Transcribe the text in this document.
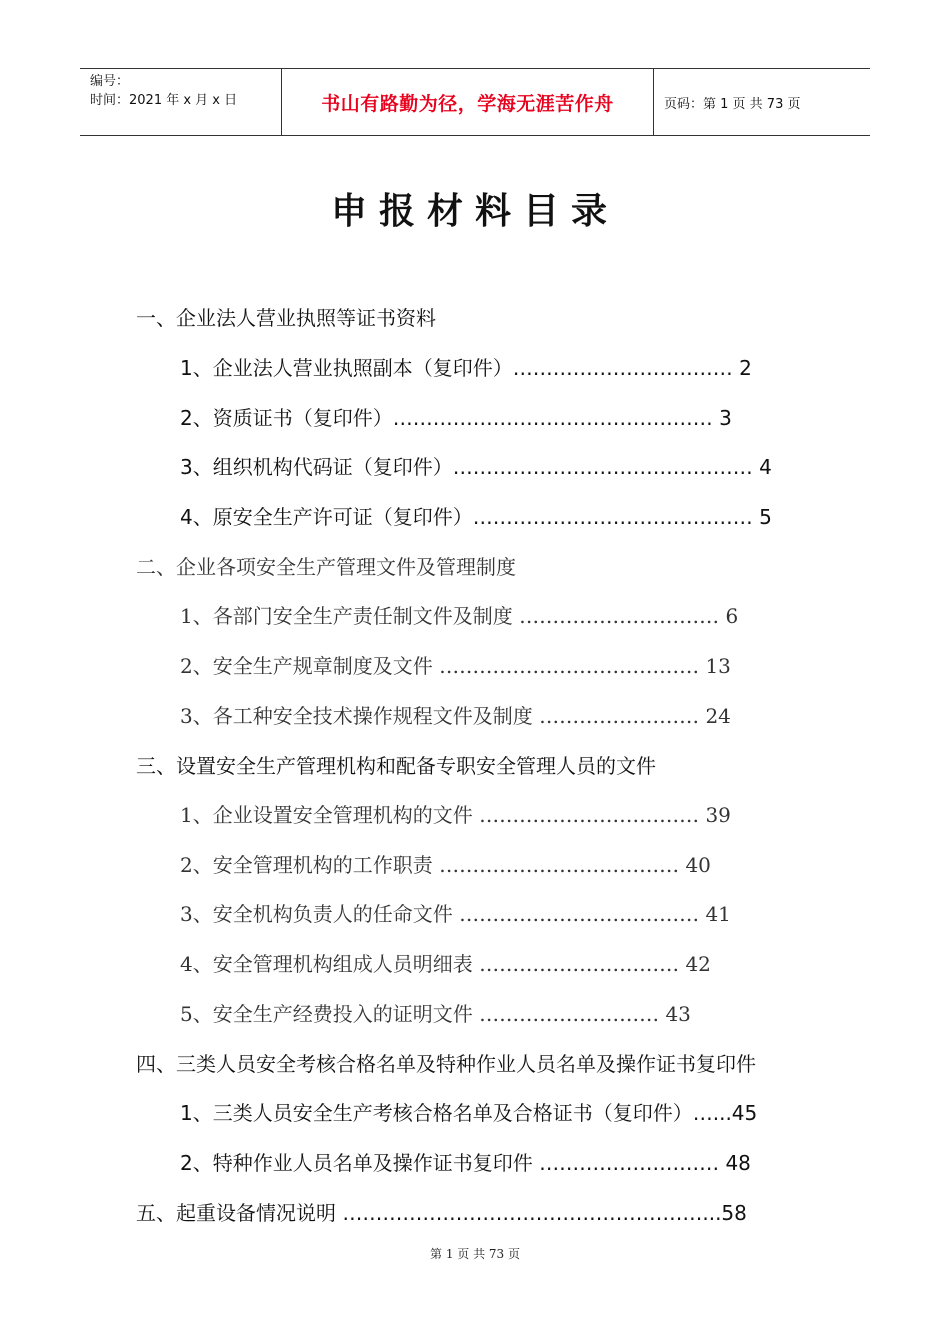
编号：
时间：2021 年 x 月 x 日	书山有路勤为径，学海无涯苦作舟	页码：第 1 页 共 73 页
申报材料目录
一、企业法人营业执照等证书资料
1、企业法人营业执照副本（复印件）…………………………… 2
2、资质证书（复印件）………………………………………… 3
3、组织机构代码证（复印件）……………………………………… 4
4、原安全生产许可证（复印件）…………………………………… 5
二、企业各项安全生产管理文件及管理制度
1、各部门安全生产责任制文件及制度 ………………………… 6
2、安全生产规章制度及文件 ………………………………… 13
3、各工种安全技术操作规程文件及制度 …………………… 24
三、设置安全生产管理机构和配备专职安全管理人员的文件
1、企业设置安全管理机构的文件 …………………………… 39
2、安全管理机构的工作职责 ……………………………… 40
3、安全机构负责人的任命文件 ……………………………… 41
4、安全管理机构组成人员明细表 ………………………… 42
5、安全生产经费投入的证明文件 ……………………… 43
四、三类人员安全考核合格名单及特种作业人员名单及操作证书复印件
1、三类人员安全生产考核合格名单及合格证书（复印件）…...45
2、特种作业人员名单及操作证书复印件 ……………………… 48
五、起重设备情况说明 ………………………………………………...58
第 1 页 共 73 页
